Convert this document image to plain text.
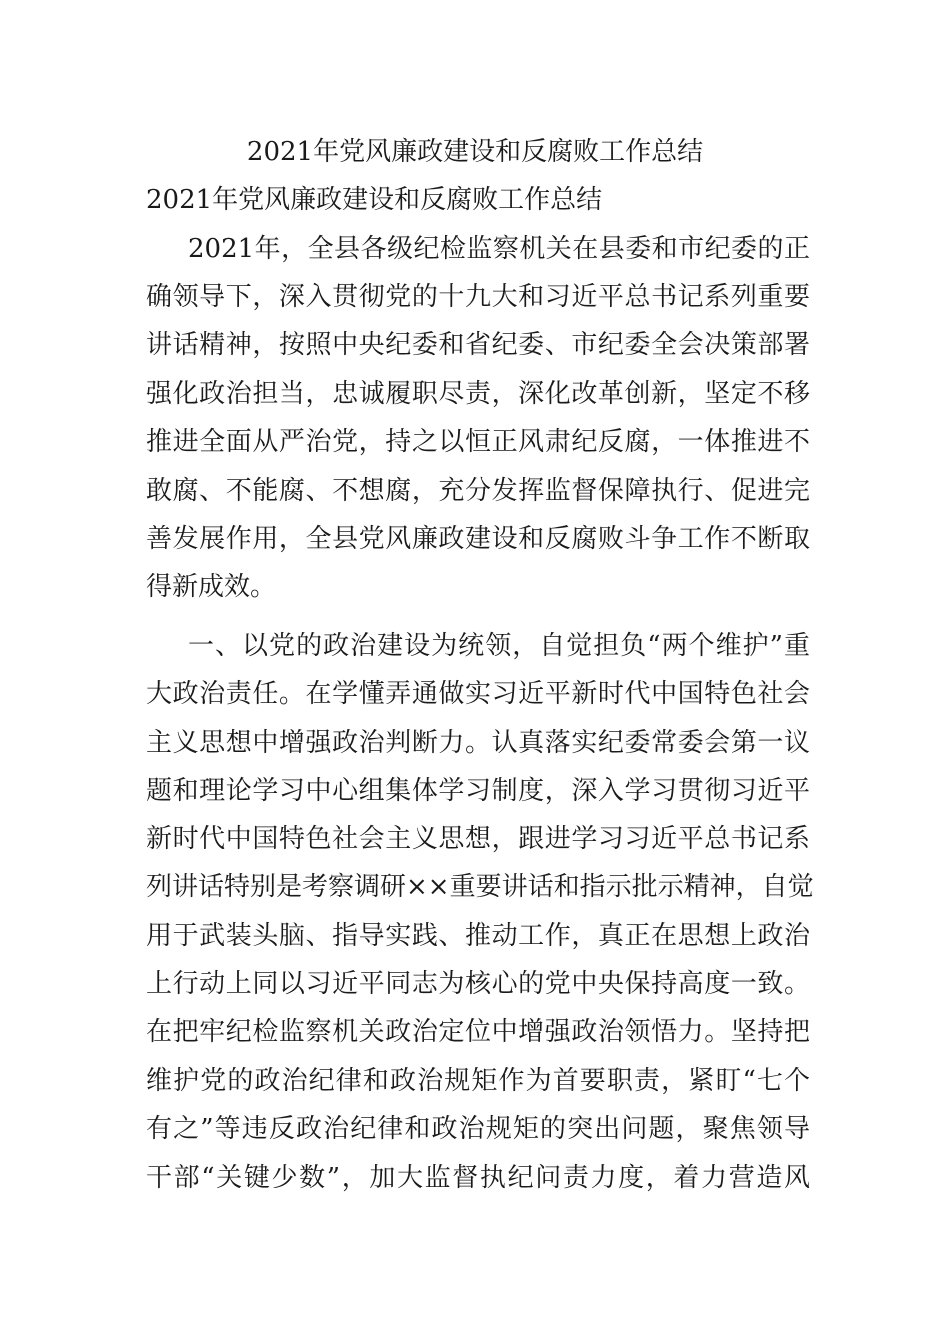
2021年党风廉政建设和反腐败工作总结
2021年党风廉政建设和反腐败工作总结
2021年，全县各级纪检监察机关在县委和市纪委的正
确领导下，深入贯彻党的十九大和习近平总书记系列重要
讲话精神，按照中央纪委和省纪委、市纪委全会决策部署
强化政治担当，忠诚履职尽责，深化改革创新，坚定不移
推进全面从严治党，持之以恒正风肃纪反腐，一体推进不
敢腐、不能腐、不想腐，充分发挥监督保障执行、促进完
善发展作用，全县党风廉政建设和反腐败斗争工作不断取
得新成效。
一、以党的政治建设为统领，自觉担负“两个维护”重
大政治责任。在学懂弄通做实习近平新时代中国特色社会
主义思想中增强政治判断力。认真落实纪委常委会第一议
题和理论学习中心组集体学习制度，深入学习贯彻习近平
新时代中国特色社会主义思想，跟进学习习近平总书记系
列讲话特别是考察调研××重要讲话和指示批示精神，自觉
用于武装头脑、指导实践、推动工作，真正在思想上政治
上行动上同以习近平同志为核心的党中央保持高度一致。
在把牢纪检监察机关政治定位中增强政治领悟力。坚持把
维护党的政治纪律和政治规矩作为首要职责，紧盯“七个
有之”等违反政治纪律和政治规矩的突出问题，聚焦领导
干部“关键少数”，加大监督执纪问责力度，着力营造风
